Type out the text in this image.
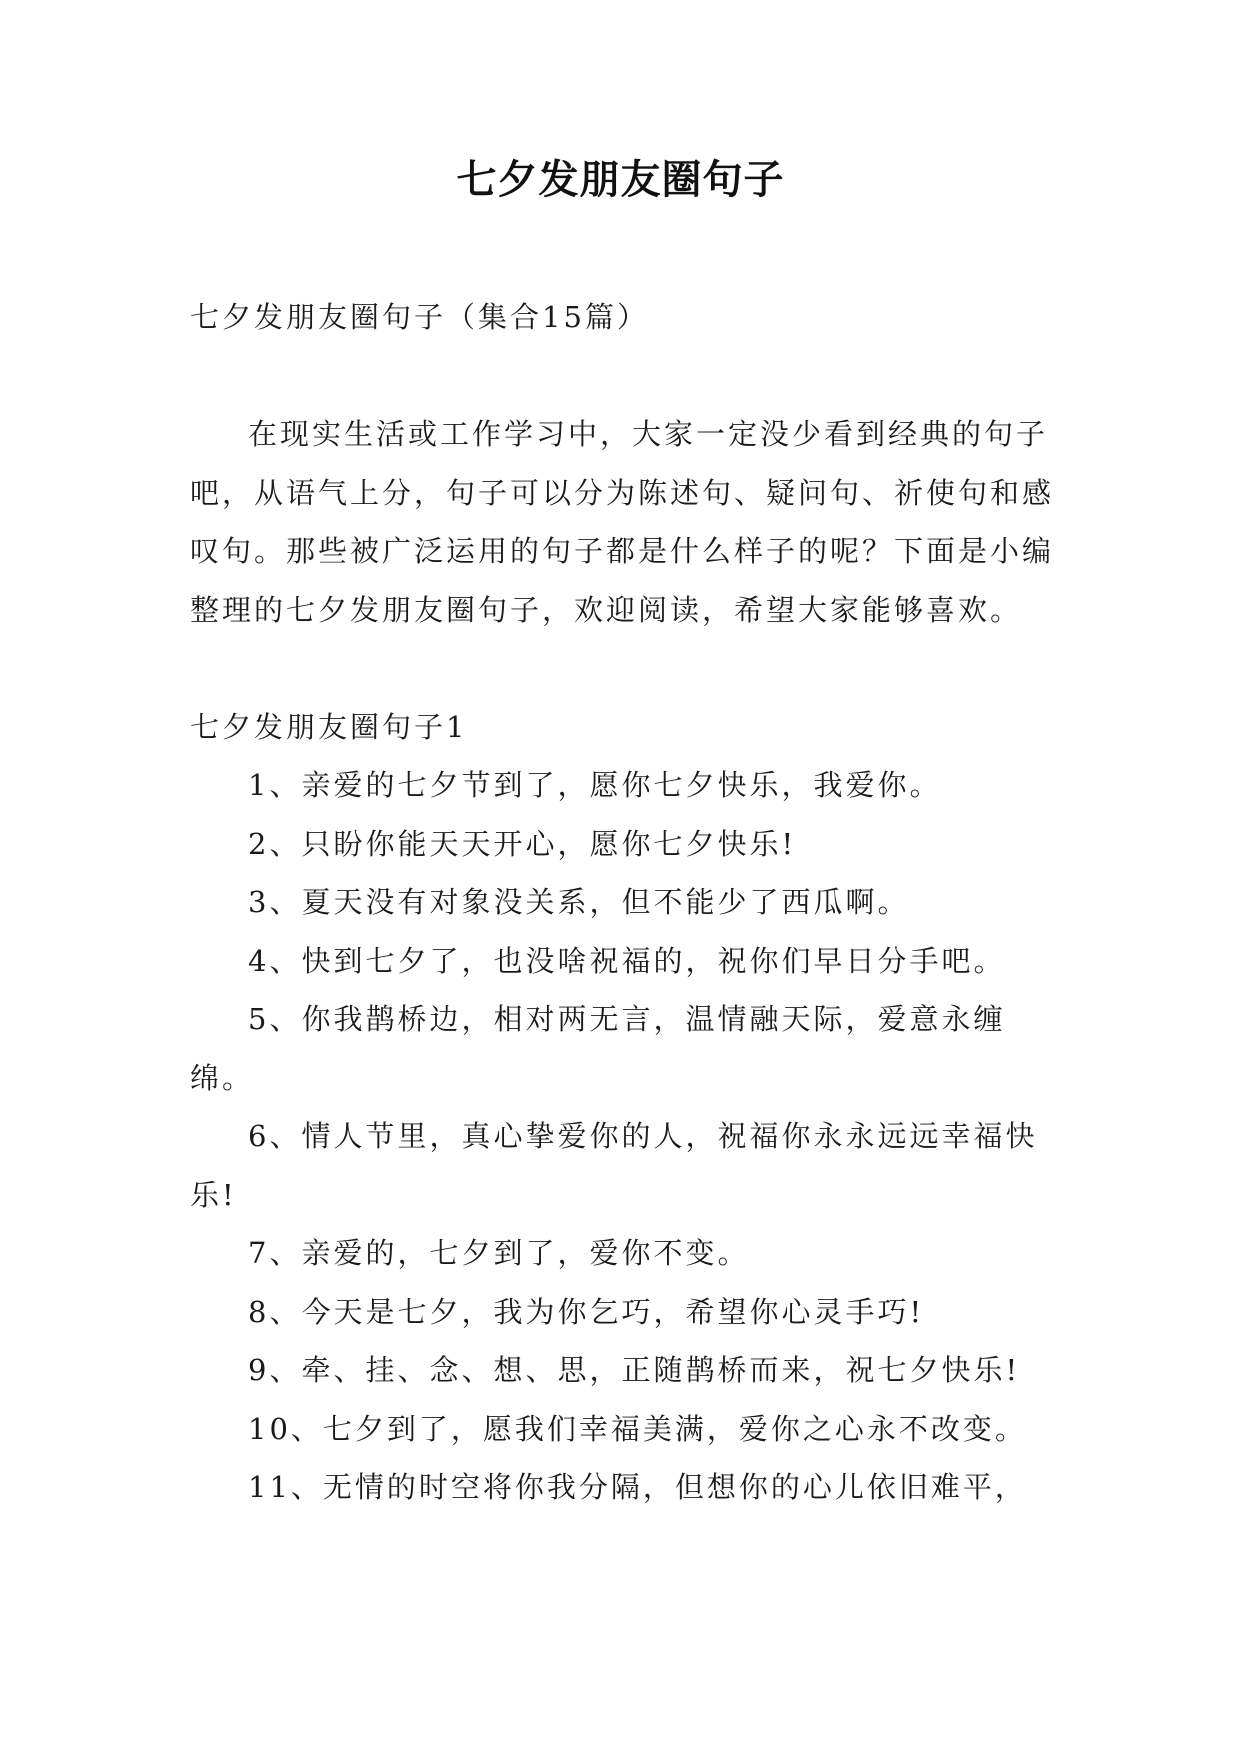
七夕发朋友圈句子

七夕发朋友圈句子（集合15篇）

在现实生活或工作学习中，大家一定没少看到经典的句子吧，从语气上分，句子可以分为陈述句、疑问句、祈使句和感叹句。那些被广泛运用的句子都是什么样子的呢？下面是小编整理的七夕发朋友圈句子，欢迎阅读，希望大家能够喜欢。

七夕发朋友圈句子1

1、亲爱的七夕节到了，愿你七夕快乐，我爱你。

2、只盼你能天天开心，愿你七夕快乐!

3、夏天没有对象没关系，但不能少了西瓜啊。

4、快到七夕了，也没啥祝福的，祝你们早日分手吧。

5、你我鹊桥边，相对两无言，温情融天际，爱意永缠绵。

6、情人节里，真心挚爱你的人，祝福你永永远远幸福快乐!

7、亲爱的，七夕到了，爱你不变。

8、今天是七夕，我为你乞巧，希望你心灵手巧!

9、牵、挂、念、想、思，正随鹊桥而来，祝七夕快乐!

10、七夕到了，愿我们幸福美满，爱你之心永不改变。

11、无情的时空将你我分隔，但想你的心儿依旧难平，
